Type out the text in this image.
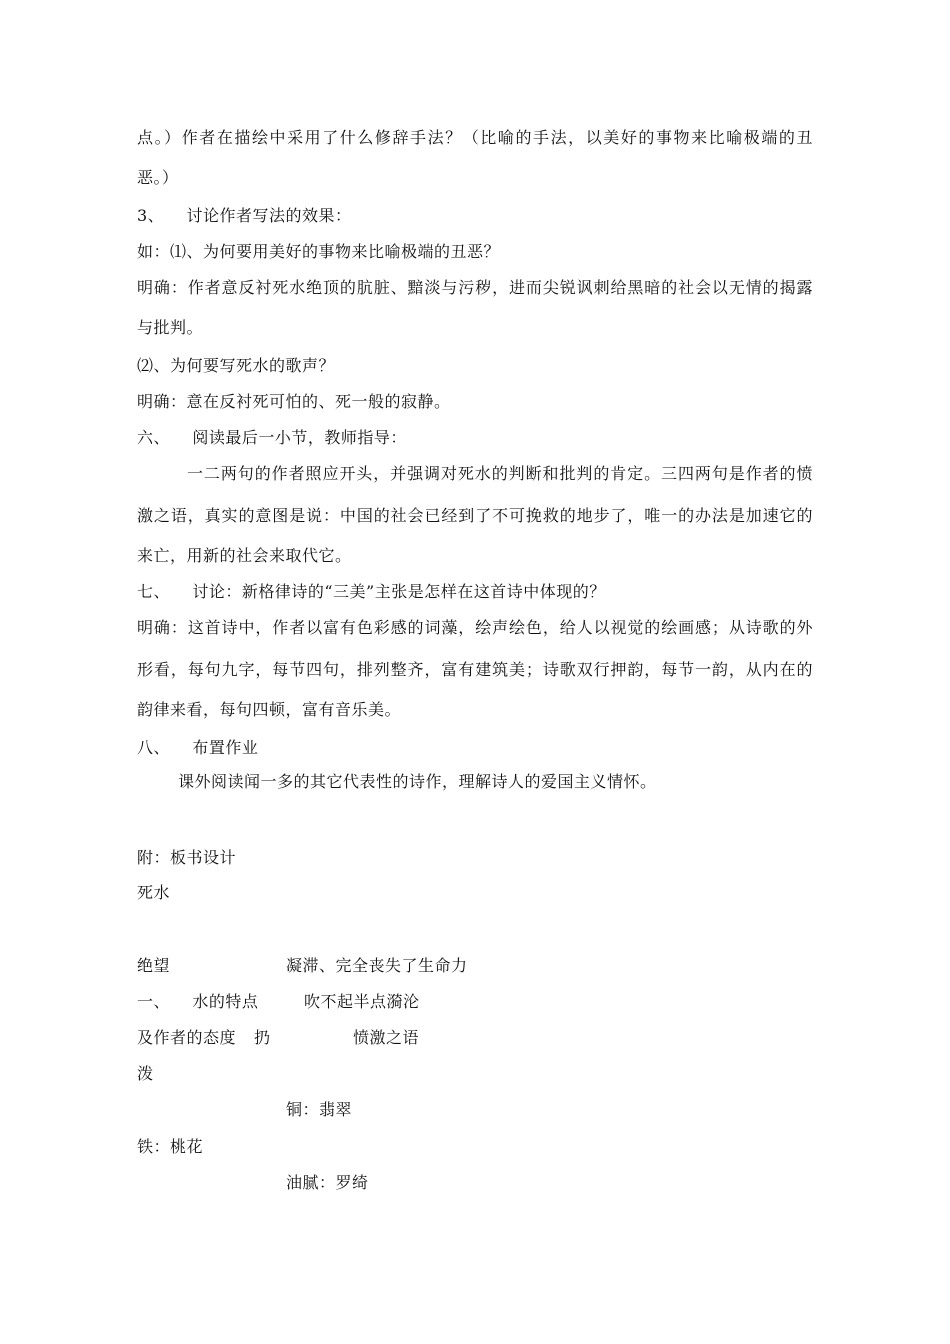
点。）作者在描绘中采用了什么修辞手法？（比喻的手法，以美好的事物来比喻极端的丑
恶。）
3、    讨论作者写法的效果：
如：⑴、为何要用美好的事物来比喻极端的丑恶？
明确：作者意反衬死水绝顶的肮脏、黯淡与污秽，进而尖锐讽刺给黑暗的社会以无情的揭露
与批判。
⑵、为何要写死水的歌声？
明确：意在反衬死可怕的、死一般的寂静。
六、    阅读最后一小节，教师指导：
一二两句的作者照应开头，并强调对死水的判断和批判的肯定。三四两句是作者的愤
激之语，真实的意图是说：中国的社会已经到了不可挽救的地步了，唯一的办法是加速它的
来亡，用新的社会来取代它。
七、    讨论：新格律诗的“三美”主张是怎样在这首诗中体现的？
明确：这首诗中，作者以富有色彩感的词藻，绘声绘色，给人以视觉的绘画感；从诗歌的外
形看，每句九字，每节四句，排列整齐，富有建筑美；诗歌双行押韵，每节一韵，从内在的
韵律来看，每句四顿，富有音乐美。
八、    布置作业
课外阅读闻一多的其它代表性的诗作，理解诗人的爱国主义情怀。
附：板书设计
死水
绝望	凝滞、完全丧失了生命力
一、    水的特点	吹不起半点漪沦
及作者的态度 扔	愤激之语
泼
铜：翡翠
铁：桃花
油腻：罗绮
